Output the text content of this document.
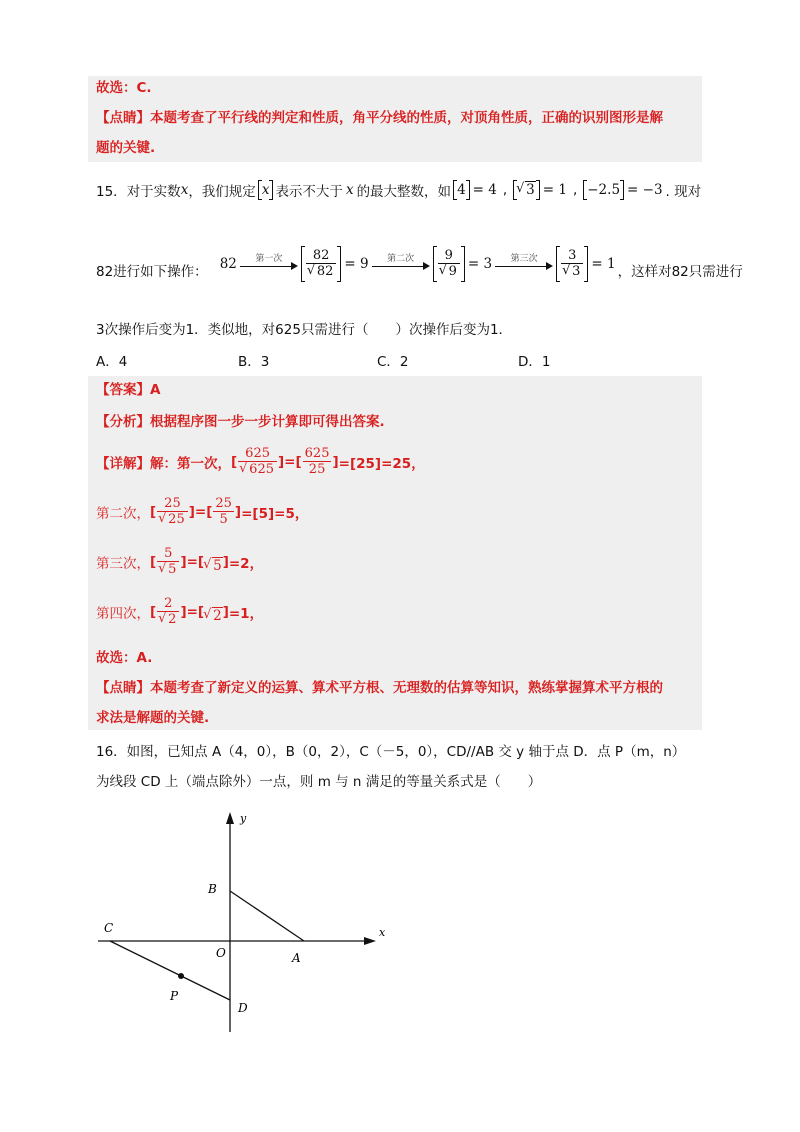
故选：C.
【点睛】本题考查了平行线的判定和性质，角平分线的性质，对顶角性质，正确的识别图形是解
题的关键.
15． 对于实数 x ，我们规定 x 表示不大于 x 的最大整数，如 4 = 4 ,	√ 3 = 1 , −2.5 = −3 . 现对
82进行如下操作： 82	第一次	82
√ 82 = 9	第二次	9
√ 9 = 3	第三次	3
√ 3 = 1 ，这样对82只需进行
3次操作后变为1．类似地，对625只需进行（　　）次操作后变为1．
A．4	B．3	C．2	D．1
【答案】A
【分析】根据程序图一步一步计算即可得出答案.
【详解】 解：第一次， [ 625
√ 625 ]=[ $\frac{625}{25}$ ] =[25]=25，
第二次， [ 25
√ 25 ]=[ $\frac{25}{5}$ ] =[5]=5，
第三次， [ 5
√ 5 ]=[ √ 5 ] =2，
第四次， [ 2
√ 2 ]=[ √ 2 ] =1，
故选：A.
【点睛】本题考查了新定义的运算、算术平方根、无理数的估算等知识，熟练掌握算术平方根的
求法是解题的关键.
16．如图，已知点 A（4，0），B（0，2），C（－5，0），CD//AB 交 y 轴于点 D．点 P（m，n）
为线段 CD 上（端点除外）一点，则 m 与 n 满足的等量关系式是（　　）
y
x
O	A
B
C
D
P
